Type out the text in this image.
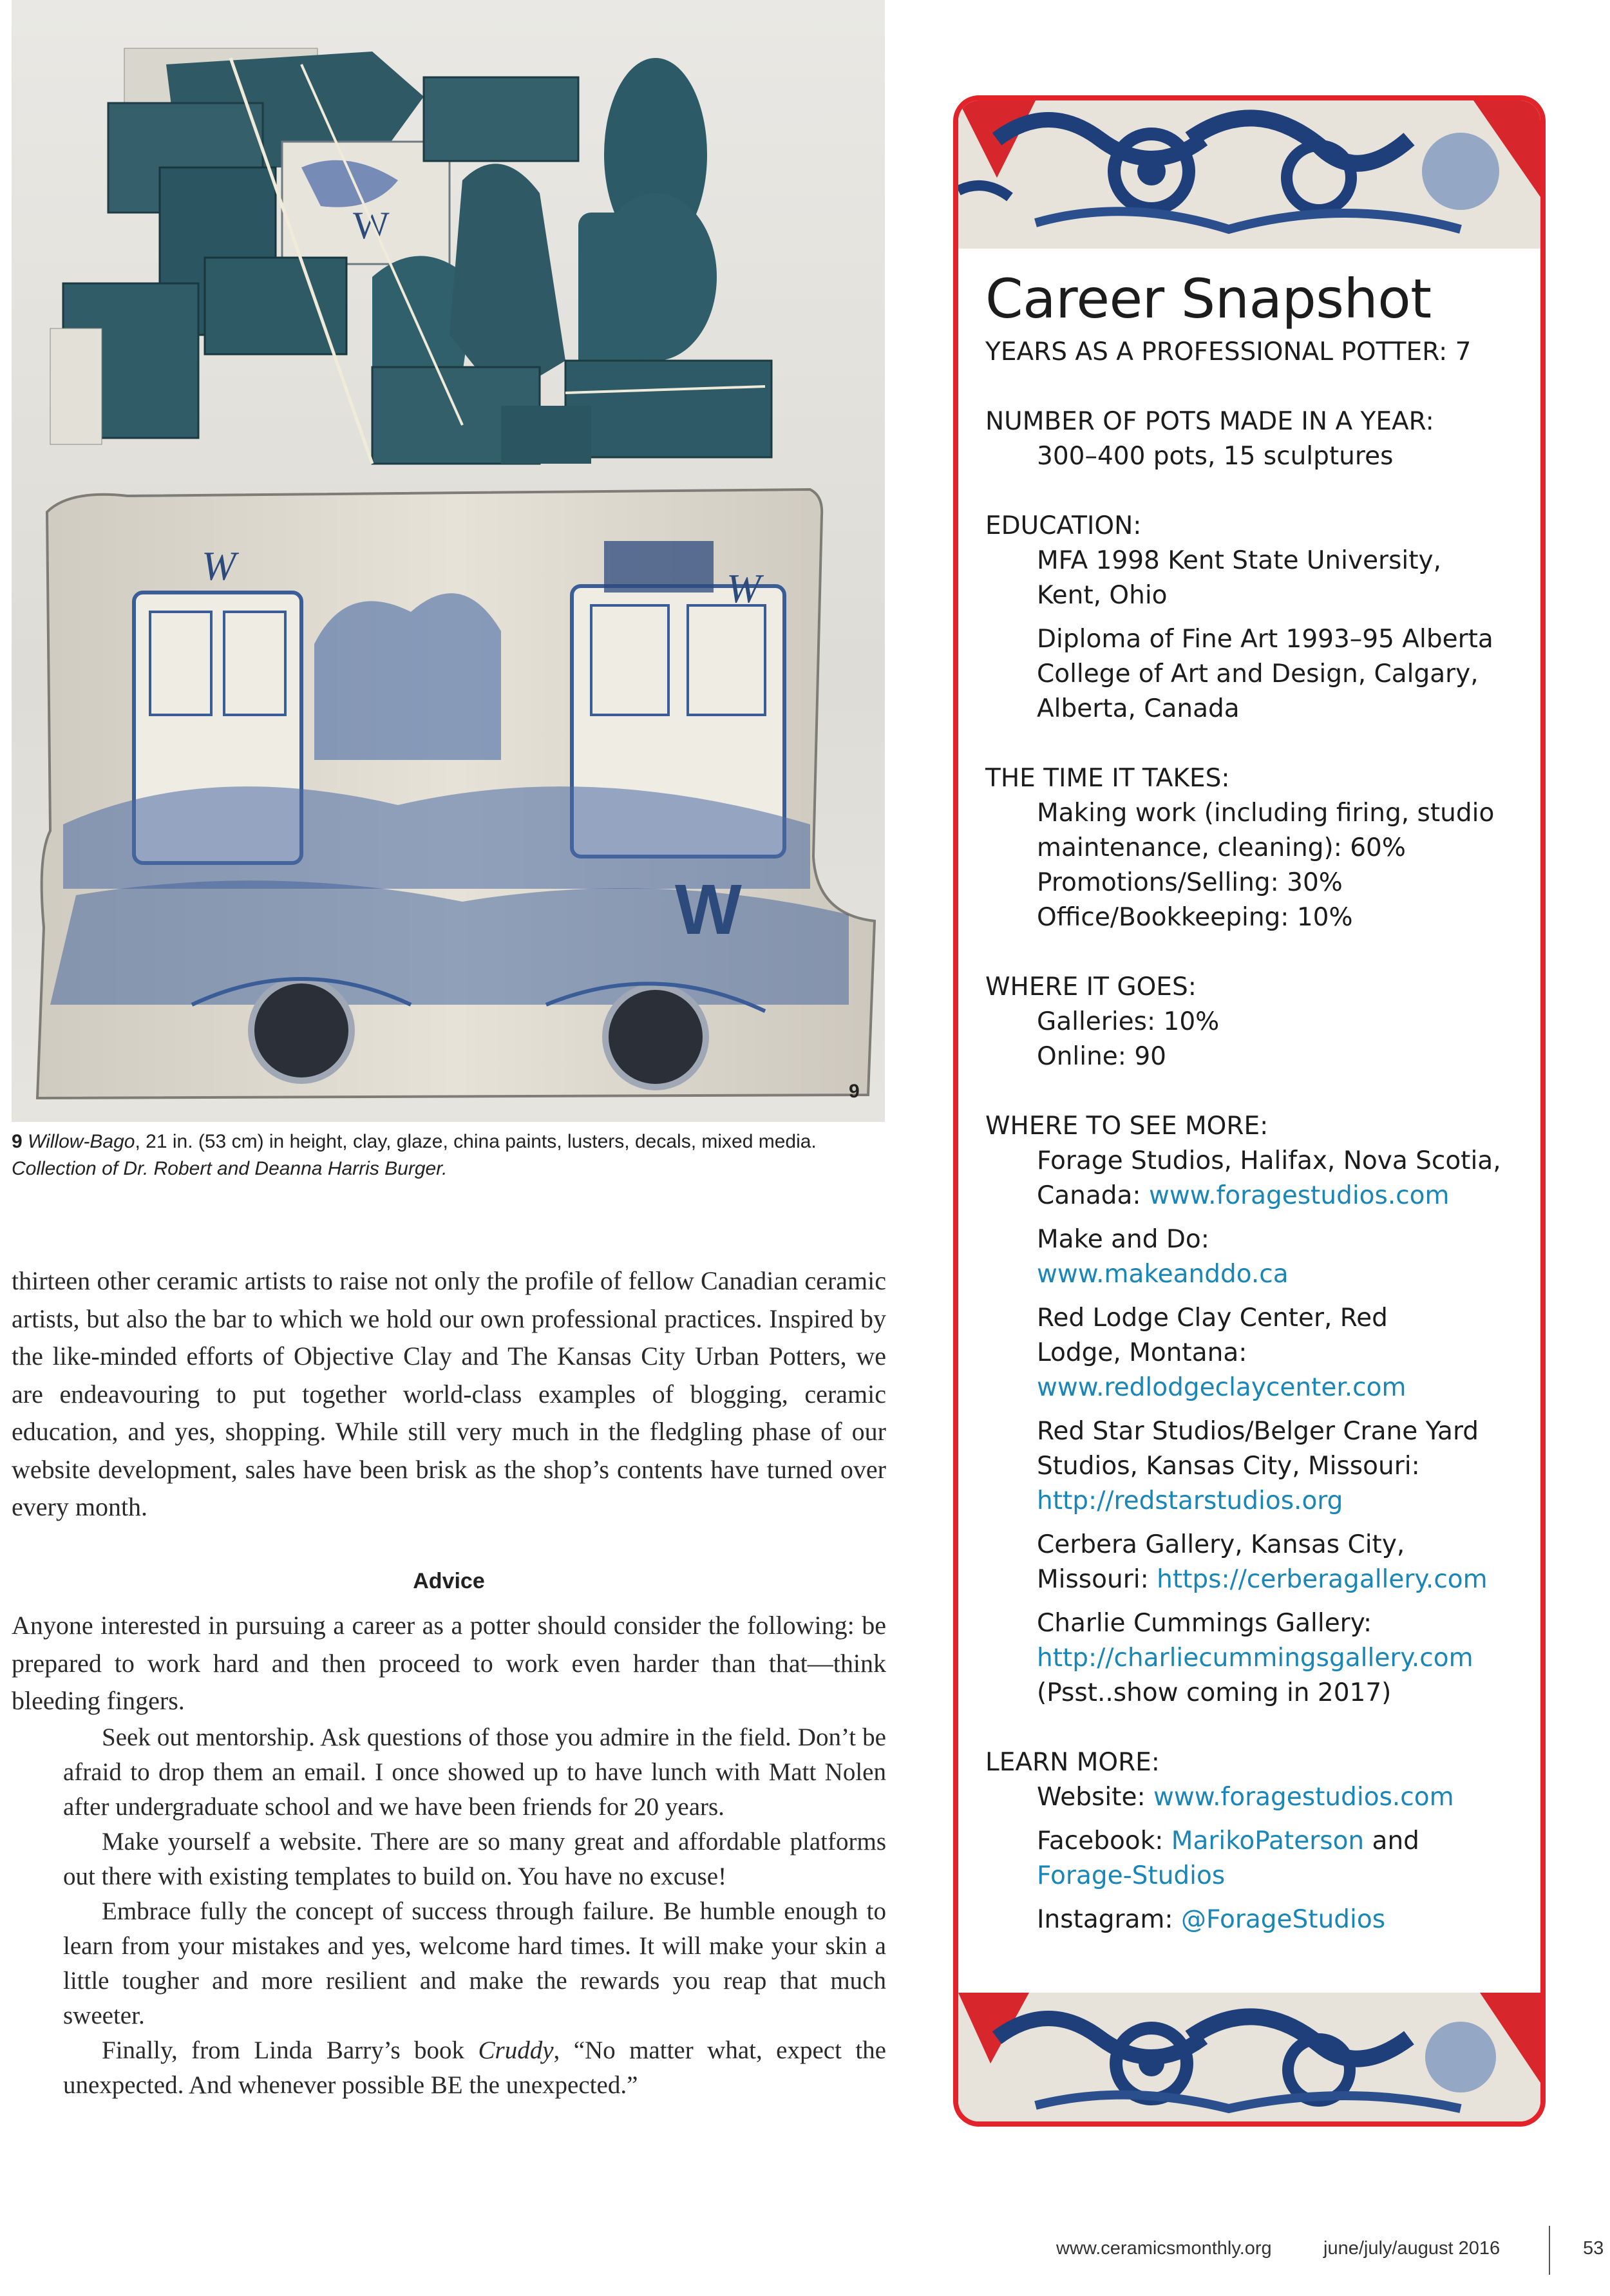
W
W
W	W
9
9 Willow-Bago, 21 in. (53 cm) in height, clay, glaze, china paints, lusters, decals, mixed media. Collection of Dr. Robert and Deanna Harris Burger.

thirteen other ceramic artists to raise not only the profile of fellow Canadian ceramic artists, but also the bar to which we hold our own professional practices. Inspired by the like-minded efforts of Objective Clay and The Kansas City Urban Potters, we are endeavouring to put together world-class examples of blogging, ceramic education, and yes, shopping. While still very much in the fledgling phase of our website development, sales have been brisk as the shop’s contents have turned over every month.

Advice

Anyone interested in pursuing a career as a potter should consider the following: be prepared to work hard and then proceed to work even harder than that—think bleeding fingers.

Seek out mentorship. Ask questions of those you admire in the field. Don’t be afraid to drop them an email. I once showed up to have lunch with Matt Nolen after undergraduate school and we have been friends for 20 years.

Make yourself a website. There are so many great and affordable platforms out there with existing templates to build on. You have no excuse!

Embrace fully the concept of success through failure. Be humble enough to learn from your mistakes and yes, welcome hard times. It will make your skin a little tougher and more resilient and make the rewards you reap that much sweeter.

Finally, from Linda Barry’s book Cruddy, “No matter what, expect the unexpected. And whenever possible BE the unexpected.”

Career Snapshot
YEARS AS A PROFESSIONAL POTTER: 7
NUMBER OF POTS MADE IN A YEAR:
300–400 pots, 15 sculptures
EDUCATION:
MFA 1998 Kent State University,
Kent, Ohio
Diploma of Fine Art 1993–95 Alberta
College of Art and Design, Calgary,
Alberta, Canada
THE TIME IT TAKES:
Making work (including firing, studio
maintenance, cleaning): 60%
Promotions/Selling: 30%
Office/Bookkeeping: 10%
WHERE IT GOES:
Galleries: 10%
Online: 90
WHERE TO SEE MORE:
Forage Studios, Halifax, Nova Scotia,
Canada: www.foragestudios.com
Make and Do:
www.makeanddo.ca
Red Lodge Clay Center, Red
Lodge, Montana:
www.redlodgeclaycenter.com
Red Star Studios/Belger Crane Yard
Studios, Kansas City, Missouri:
http://redstarstudios.org
Cerbera Gallery, Kansas City,
Missouri: https://cerberagallery.com
Charlie Cummings Gallery:
http://charliecummingsgallery.com
(Psst..show coming in 2017)
LEARN MORE:
Website: www.foragestudios.com
Facebook: MarikoPaterson and
Forage-Studios
Instagram: @ForageStudios
www.ceramicsmonthly.org	june/july/august 2016	53
